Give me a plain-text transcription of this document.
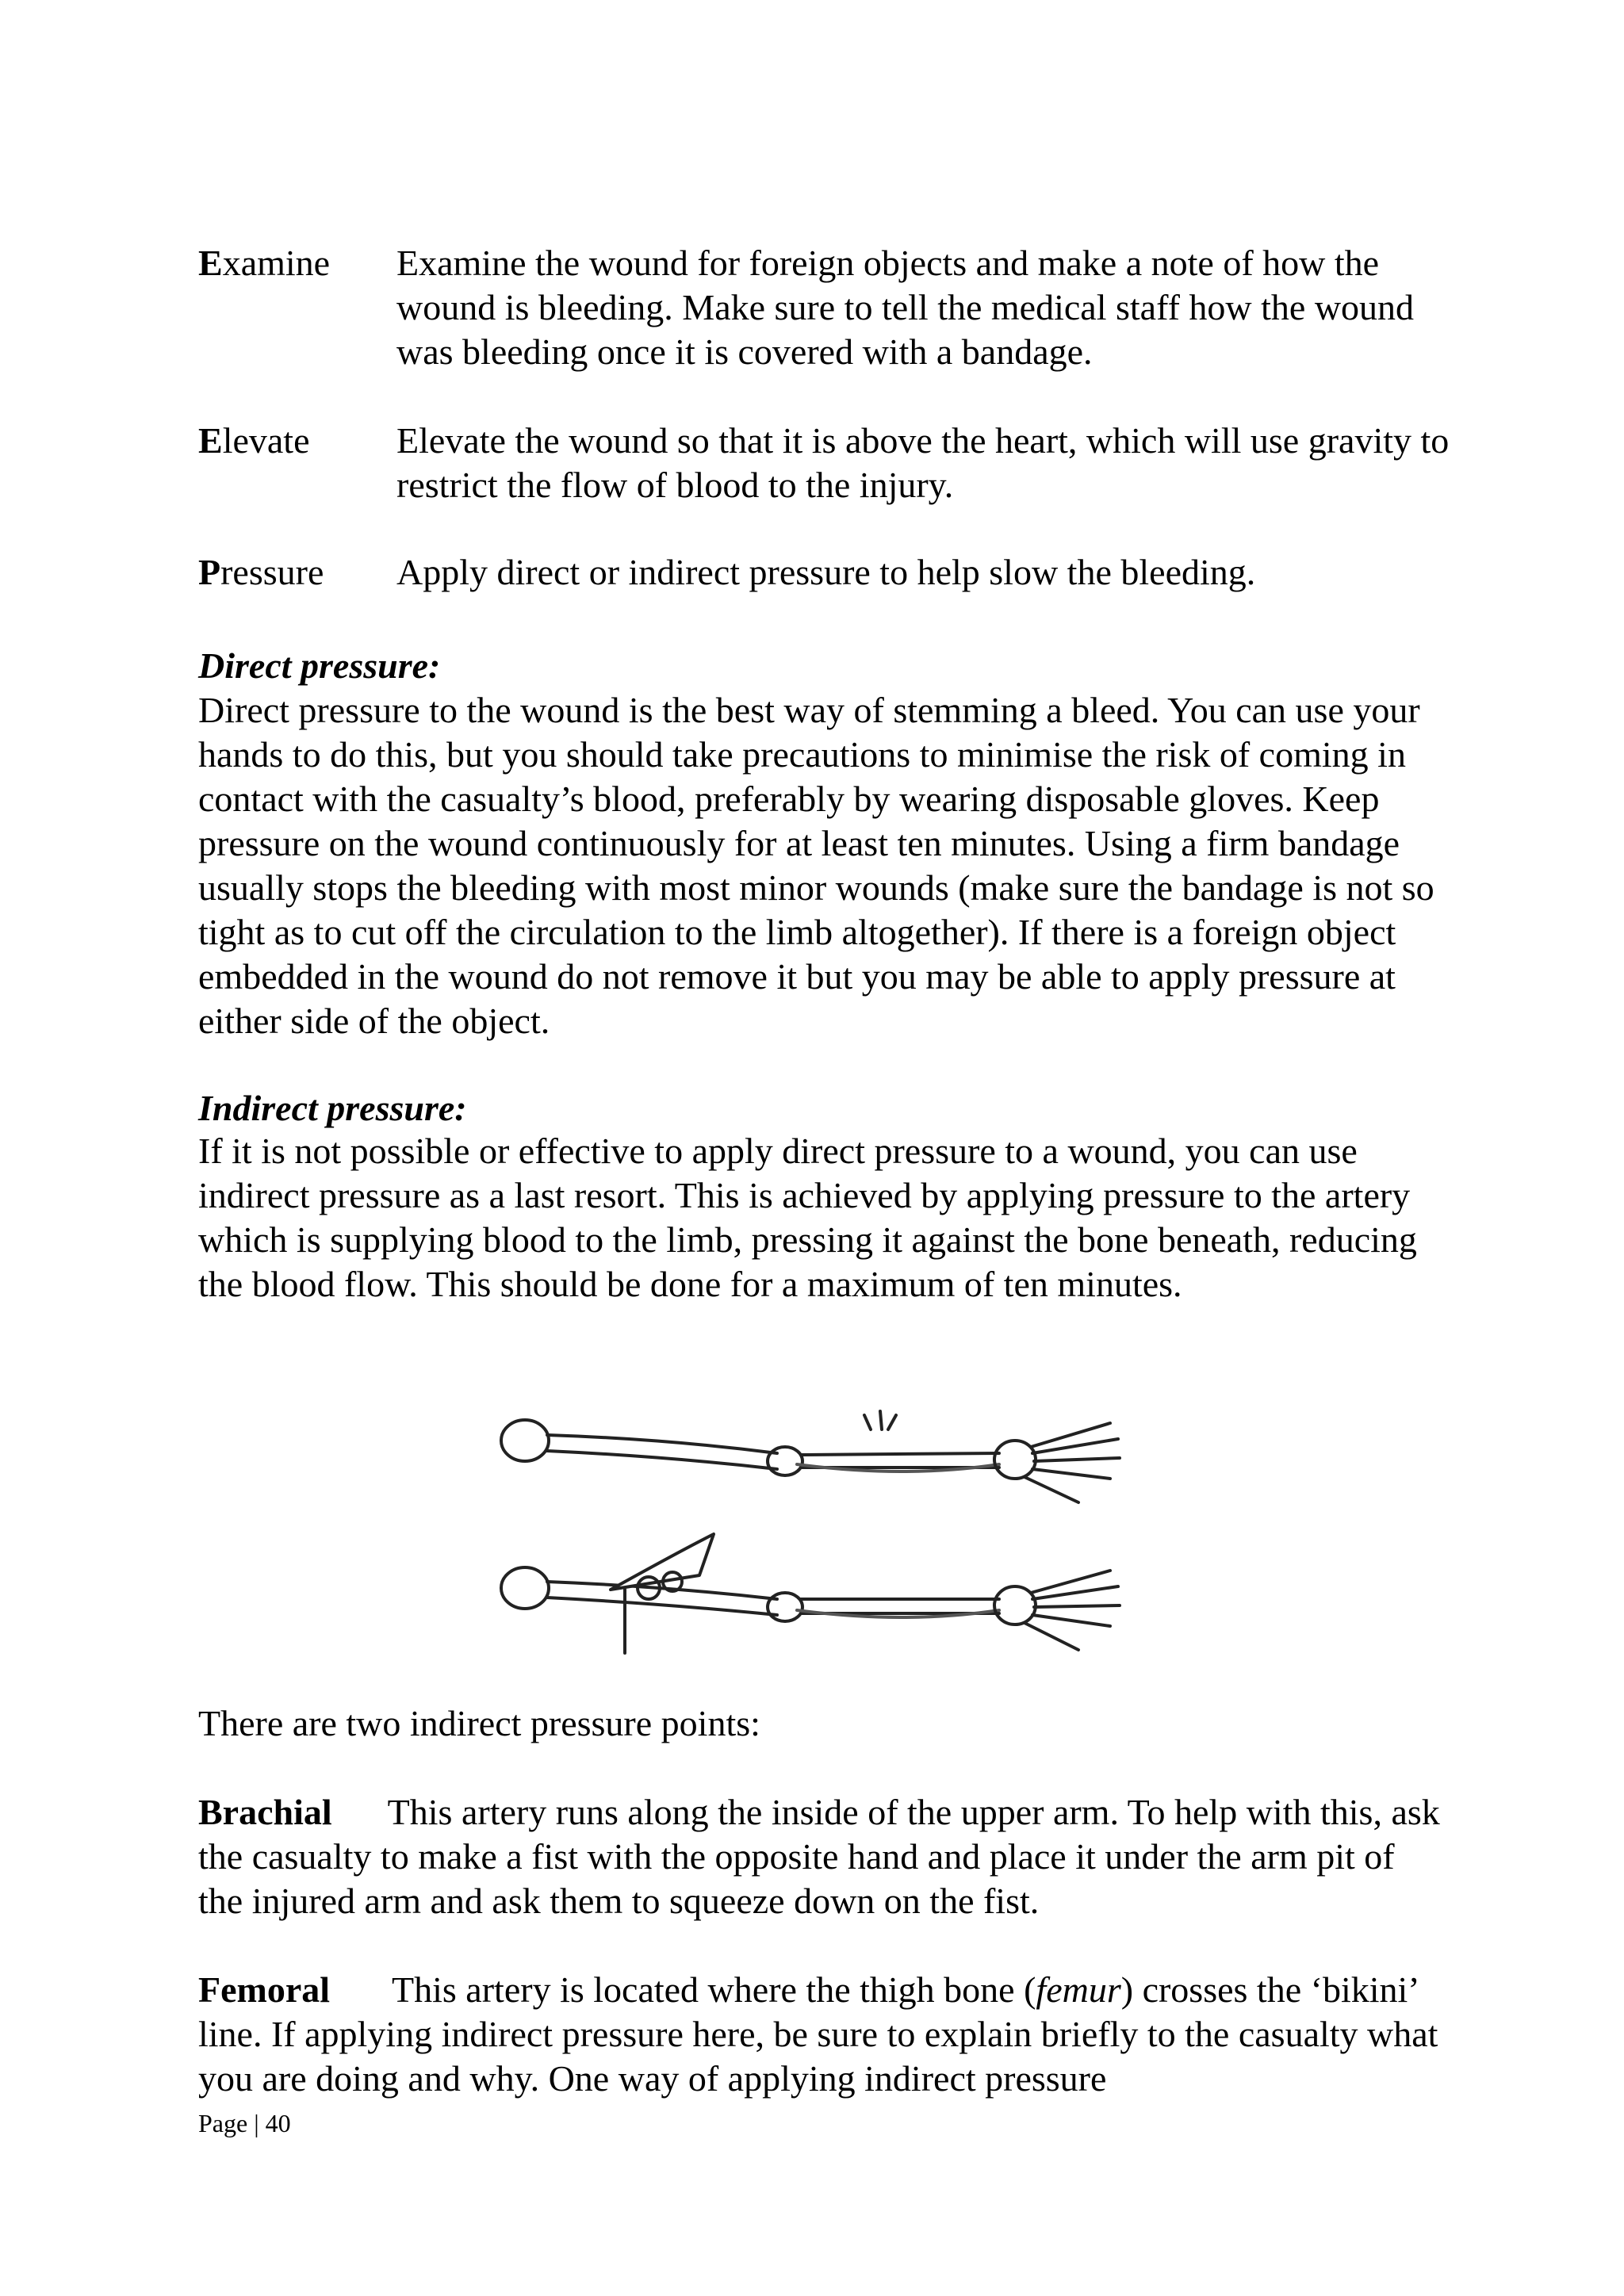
Examine Examine the wound for foreign objects and make a note of how the wound is bleeding. Make sure to tell the medical staff how the wound was bleeding once it is covered with a bandage.

Elevate Elevate the wound so that it is above the heart, which will use gravity to restrict the flow of blood to the injury.

Pressure Apply direct or indirect pressure to help slow the bleeding.

Direct pressure:

Direct pressure to the wound is the best way of stemming a bleed. You can use your hands to do this, but you should take precautions to minimise the risk of coming in contact with the casualty’s blood, preferably by wearing disposable gloves. Keep pressure on the wound continuously for at least ten minutes. Using a firm bandage usually stops the bleeding with most minor wounds (make sure the bandage is not so tight as to cut off the circulation to the limb altogether). If there is a foreign object embedded in the wound do not remove it but you may be able to apply pressure at either side of the object.

Indirect pressure:

If it is not possible or effective to apply direct pressure to a wound, you can use indirect pressure as a last resort. This is achieved by applying pressure to the artery which is supplying blood to the limb, pressing it against the bone beneath, reducing the blood flow. This should be done for a maximum of ten minutes.

There are two indirect pressure points:

Brachial This artery runs along the inside of the upper arm. To help with this, ask the casualty to make a fist with the opposite hand and place it under the arm pit of the injured arm and ask them to squeeze down on the fist.

Femoral This artery is located where the thigh bone (femur) crosses the ‘bikini’ line. If applying indirect pressure here, be sure to explain briefly to the casualty what you are doing and why. One way of applying indirect pressure

Page | 40
